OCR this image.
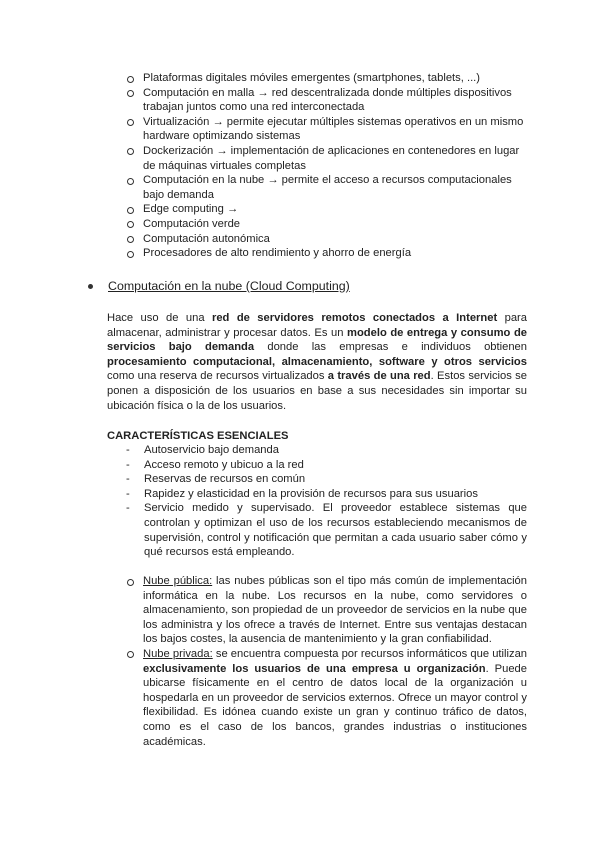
Plataformas digitales móviles emergentes (smartphones, tablets, ...)
Computación en malla → red descentralizada donde múltiples dispositivos trabajan juntos como una red interconectada
Virtualización → permite ejecutar múltiples sistemas operativos en un mismo hardware optimizando sistemas
Dockerización → implementación de aplicaciones en contenedores en lugar de máquinas virtuales completas
Computación en la nube → permite el acceso a recursos computacionales bajo demanda
Edge computing →
Computación verde
Computación autonómica
Procesadores de alto rendimiento y ahorro de energía
Computación en la nube (Cloud Computing)

Hace uso de una red de servidores remotos conectados a Internet para almacenar, administrar y procesar datos. Es un modelo de entrega y consumo de servicios bajo demanda donde las empresas e individuos obtienen procesamiento computacional, almacenamiento, software y otros servicios como una reserva de recursos virtualizados a través de una red. Estos servicios se ponen a disposición de los usuarios en base a sus necesidades sin importar su ubicación física o la de los usuarios.

CARACTERÍSTICAS ESENCIALES
- Autoservicio bajo demanda
- Acceso remoto y ubicuo a la red
- Reservas de recursos en común
- Rapidez y elasticidad en la provisión de recursos para sus usuarios
- Servicio medido y supervisado. El proveedor establece sistemas que controlan y optimizan el uso de los recursos estableciendo mecanismos de supervisión, control y notificación que permitan a cada usuario saber cómo y qué recursos está empleando.
Nube pública: las nubes públicas son el tipo más común de implementación informática en la nube. Los recursos en la nube, como servidores o almacenamiento, son propiedad de un proveedor de servicios en la nube que los administra y los ofrece a través de Internet. Entre sus ventajas destacan los bajos costes, la ausencia de mantenimiento y la gran confiabilidad.
Nube privada: se encuentra compuesta por recursos informáticos que utilizan exclusivamente los usuarios de una empresa u organización. Puede ubicarse físicamente en el centro de datos local de la organización u hospedarla en un proveedor de servicios externos. Ofrece un mayor control y flexibilidad. Es idónea cuando existe un gran y continuo tráfico de datos, como es el caso de los bancos, grandes industrias o instituciones académicas.
